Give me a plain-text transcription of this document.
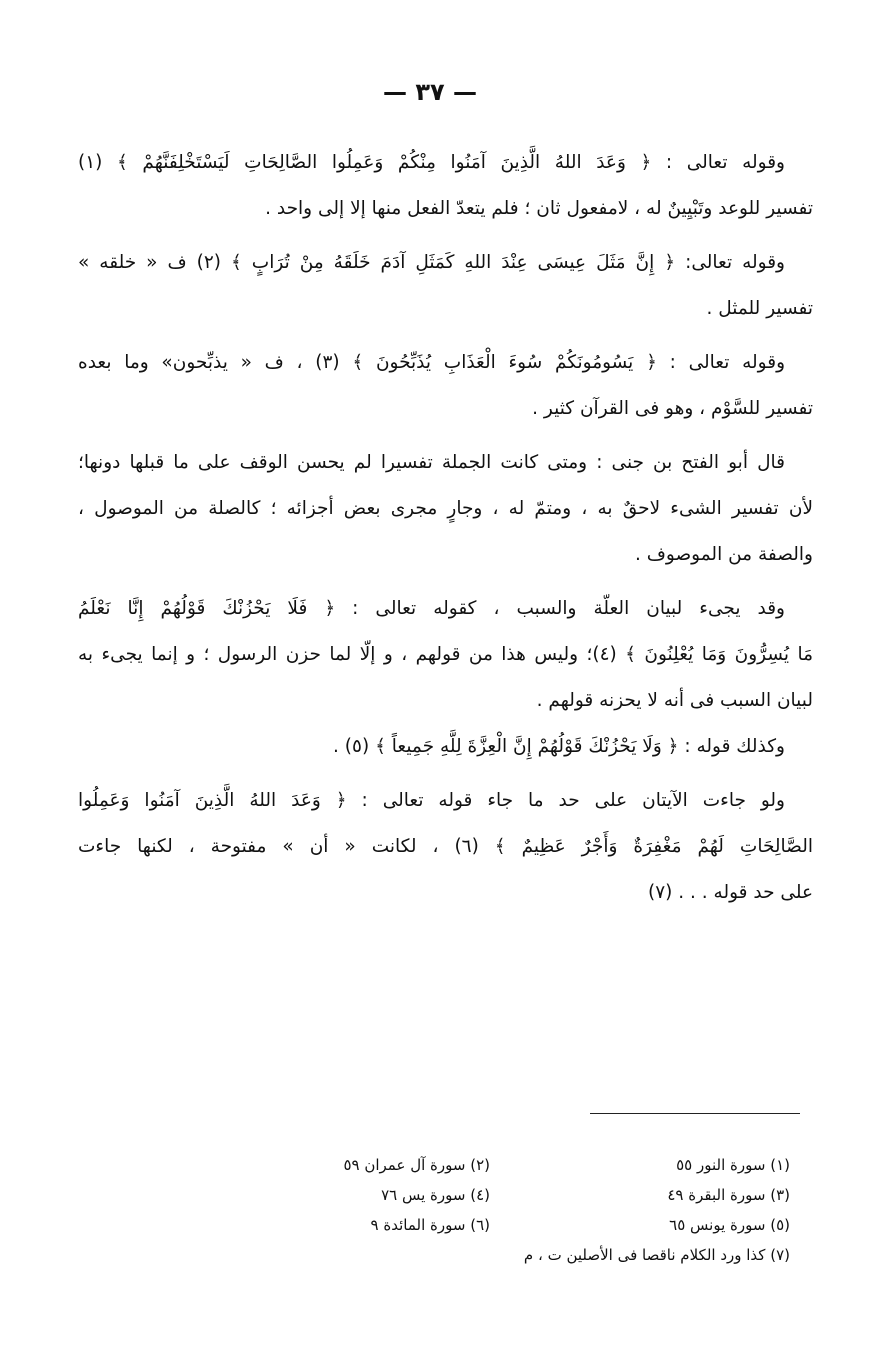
— ٣٧ —
وقوله تعالى : ﴿ وَعَدَ اللهُ الَّذِينَ آمَنُوا مِنْكُمْ وَعَمِلُوا الصَّالِحَاتِ لَيَسْتَخْلِفَنَّهُمْ ﴾ (١)
تفسير للوعد وتَبْيِينٌ له ، لامفعول ثان ؛ فلم يتعدّ الفعل منها إلا إلى واحد .
وقوله تعالى: ﴿ إِنَّ مَثَلَ عِيسَى عِنْدَ اللهِ كَمَثَلِ آدَمَ خَلَقَهُ مِنْ تُرَابٍ ﴾ (٢) ف « خلقه »
تفسير للمثل .
وقوله تعالى : ﴿ يَسُومُونَكُمْ سُوءَ الْعَذَابِ يُذَبِّحُونَ ﴾ (٣) ، ف « يذبِّحون» وما بعده
تفسير للسَّوْم ، وهو فى القرآن كثير .
قال أبو الفتح بن جنى : ومتى كانت الجملة تفسيرا لم يحسن الوقف على ما قبلها دونها؛
لأن تفسير الشىء لاحقٌ به ، ومتمّ له ، وجارٍ مجرى بعض أجزائه ؛ كالصلة من الموصول ،
والصفة من الموصوف .
وقد يجىء لبيان العلّة والسبب ، كقوله تعالى : ﴿ فَلَا يَحْزُنْكَ قَوْلُهُمْ إِنَّا نَعْلَمُ
مَا يُسِرُّونَ وَمَا يُعْلِنُونَ ﴾ (٤)؛ وليس هذا من قولهم ، و إلّا لما حزن الرسول ؛ و إنما يجىء به
لبيان السبب فى أنه لا يحزنه قولهم .
وكذلك قوله : ﴿ وَلَا يَحْزُنْكَ قَوْلُهُمْ إِنَّ الْعِزَّةَ لِلَّهِ جَمِيعاً ﴾ (٥) .
ولو جاءت الآيتان على حد ما جاء قوله تعالى : ﴿ وَعَدَ اللهُ الَّذِينَ آمَنُوا وَعَمِلُوا
الصَّالِحَاتِ لَهُمْ مَغْفِرَةٌ وَأَجْرٌ عَظِيمٌ ﴾ (٦) ، لكانت « أن » مفتوحة ، لكنها جاءت
على حد قوله . . . (٧)
(١) سورة النور ٥٥
(٢) سورة آل عمران ٥٩
(٣) سورة البقرة ٤٩
(٤) سورة يس ٧٦
(٥) سورة يونس ٦٥
(٦) سورة المائدة ٩
(٧) كذا ورد الكلام ناقصا فى الأصلين ت ، م
